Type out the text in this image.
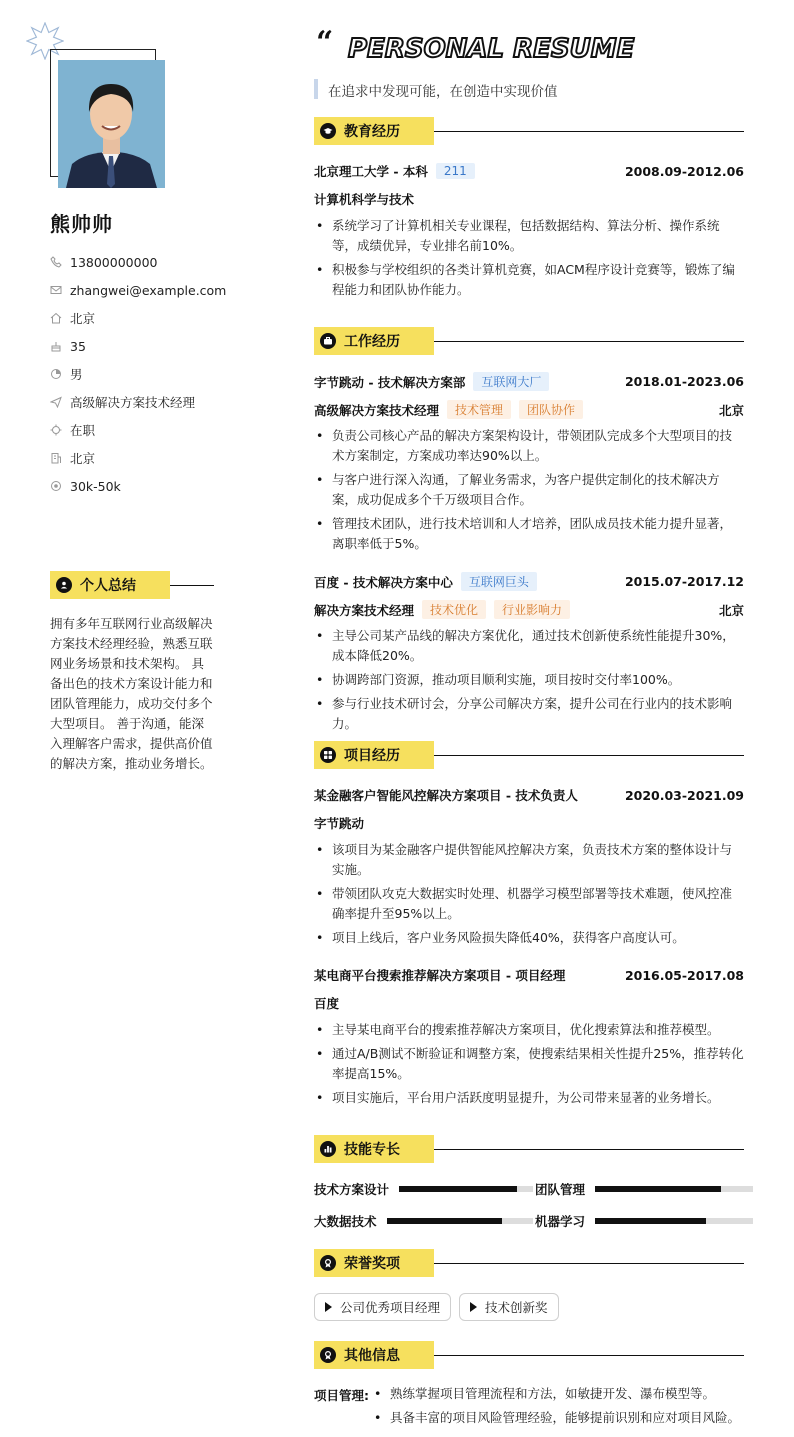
熊帅帅
13800000000
zhangwei@example.com
北京
35
男
高级解决方案技术经理
在职
北京
30k-50k
个人总结
拥有多年互联网行业高级解决方案技术经理经验，熟悉互联网业务场景和技术架构。 具备出色的技术方案设计能力和团队管理能力，成功交付多个大型项目。 善于沟通，能深入理解客户需求，提供高价值的解决方案，推动业务增长。
“ PERSONAL RESUME
在追求中发现可能，在创造中实现价值
教育经历
北京理工大学 - 本科	211	2008.09-2012.06
计算机科学与技术
• 系统学习了计算机相关专业课程，包括数据结构、算法分析、操作系统等，成绩优异，专业排名前10%。
• 积极参与学校组织的各类计算机竞赛，如ACM程序设计竞赛等，锻炼了编程能力和团队协作能力。
工作经历
字节跳动 - 技术解决方案部	互联网大厂	2018.01-2023.06
高级解决方案技术经理	技术管理	团队协作	北京
• 负责公司核心产品的解决方案架构设计，带领团队完成多个大型项目的技术方案制定，方案成功率达90%以上。
• 与客户进行深入沟通，了解业务需求，为客户提供定制化的技术解决方案，成功促成多个千万级项目合作。
• 管理技术团队，进行技术培训和人才培养，团队成员技术能力提升显著，离职率低于5%。
百度 - 技术解决方案中心	互联网巨头	2015.07-2017.12
解决方案技术经理	技术优化	行业影响力	北京
• 主导公司某产品线的解决方案优化，通过技术创新使系统性能提升30%，成本降低20%。
• 协调跨部门资源，推动项目顺利实施，项目按时交付率100%。
• 参与行业技术研讨会，分享公司解决方案，提升公司在行业内的技术影响力。
项目经历
某金融客户智能风控解决方案项目 - 技术负责人	2020.03-2021.09
字节跳动
• 该项目为某金融客户提供智能风控解决方案，负责技术方案的整体设计与实施。
• 带领团队攻克大数据实时处理、机器学习模型部署等技术难题，使风控准确率提升至95%以上。
• 项目上线后，客户业务风险损失降低40%，获得客户高度认可。
某电商平台搜索推荐解决方案项目 - 项目经理	2016.05-2017.08
百度
• 主导某电商平台的搜索推荐解决方案项目，优化搜索算法和推荐模型。
• 通过A/B测试不断验证和调整方案，使搜索结果相关性提升25%，推荐转化率提高15%。
• 项目实施后，平台用户活跃度明显提升，为公司带来显著的业务增长。
技能专长
技术方案设计	团队管理
大数据技术	机器学习
荣誉奖项
公司优秀项目经理	技术创新奖
其他信息
项目管理:
•	熟练掌握项目管理流程和方法，如敏捷开发、瀑布模型等。
• 具备丰富的项目风险管理经验，能够提前识别和应对项目风险。
